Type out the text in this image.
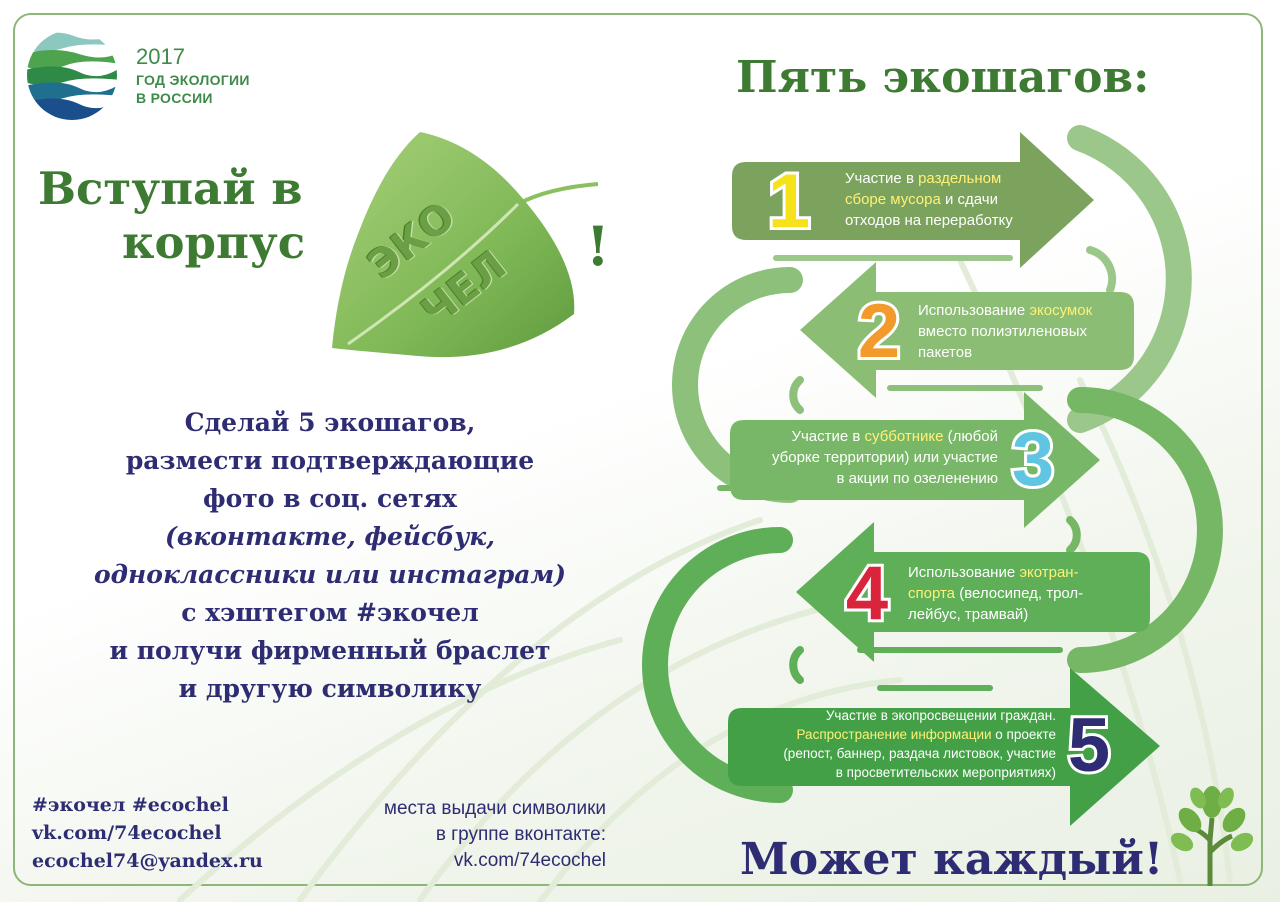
2017
ГОД ЭКОЛОГИИ
В РОССИИ
Вступай в
корпус	!
ЭКО
ЧЕЛ
Сделай 5 экошагов,
размести подтверждающие
фото в соц. сетях
(вконтакте, фейсбук,
одноклассники или инстаграм)
с хэштегом #экочел
и получи фирменный браслет
и другую символику
#экочел #ecochel
vk.com/74ecochel
ecochel74@yandex.ru
места выдачи символики
в группе вконтакте:
vk.com/74ecochel
Пять экошагов:
Может каждый!
1
2
3
4
5
Участие в раздельном
сборе мусора и сдачи
отходов на переработку
Использование экосумок
вместо полиэтиленовых
пакетов
Участие в субботнике (любой
уборке территории) или участие
в акции по озеленению
Использование экотран-
спорта (велосипед, трол-
лейбус, трамвай)
Участие в экопросвещении граждан.
Распространение информации о проекте
(репост, баннер, раздача листовок, участие
в просветительских мероприятиях)
